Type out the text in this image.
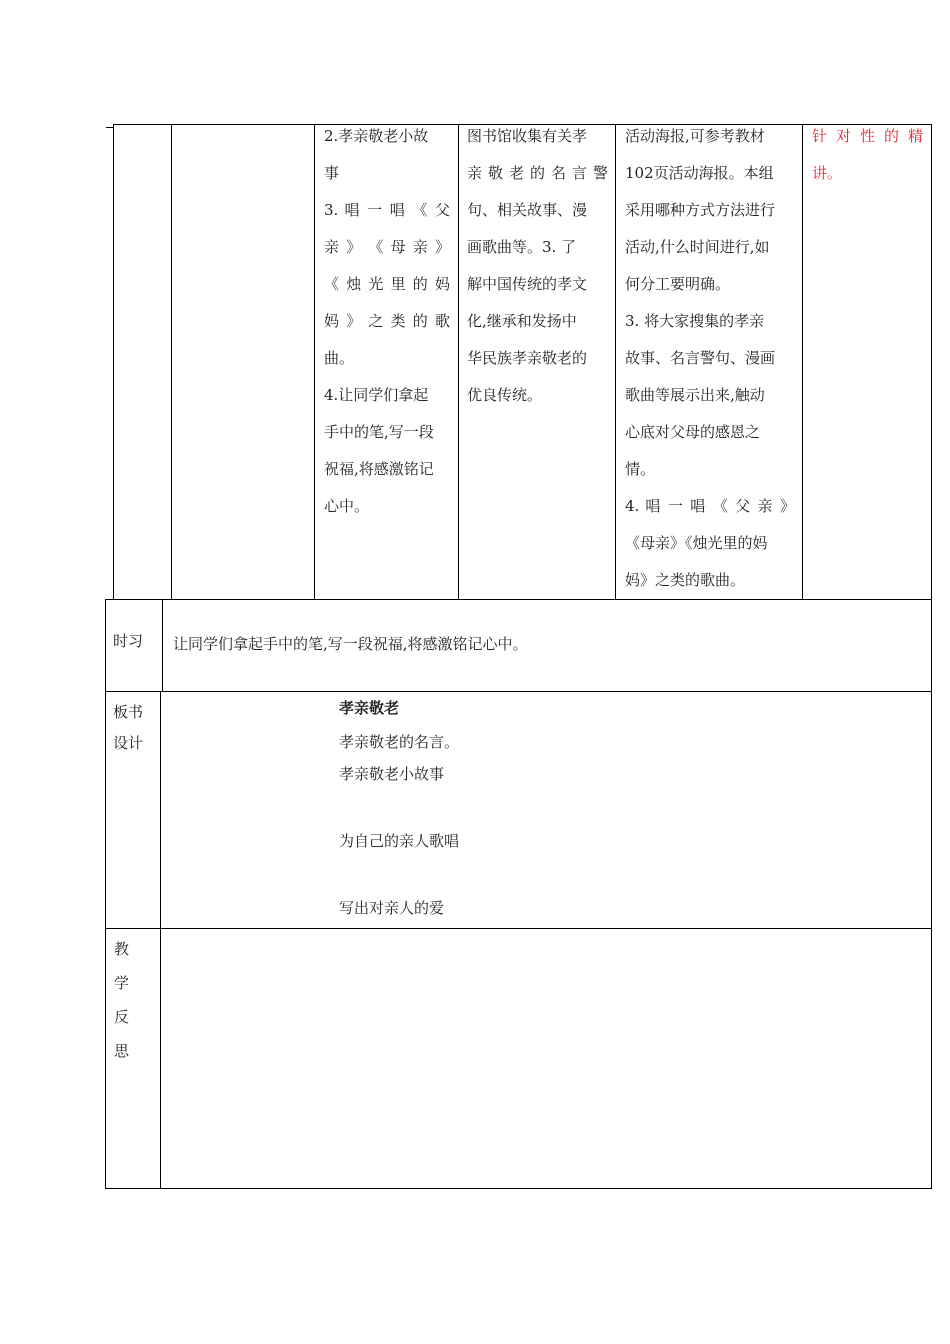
2.孝亲敬老小故

事

3. 唱 一 唱 《 父

亲 》 《 母 亲 》

《 烛 光 里 的 妈

妈 》 之 类 的 歌

曲。

4.让同学们拿起

手中的笔,写一段

祝福,将感激铭记

心中。

图书馆收集有关孝

亲 敬 老 的 名 言 警

句、相关故事、漫

画歌曲等。3. 了

解中国传统的孝文

化,继承和发扬中

华民族孝亲敬老的

优良传统。

活动海报,可参考教材

102页活动海报。本组

采用哪种方式方法进行

活动,什么时间进行,如

何分工要明确。

3. 将大家搜集的孝亲

故事、名言警句、漫画

歌曲等展示出来,触动

心底对父母的感恩之

情。

4. 唱 一 唱 《 父 亲 》

《母亲》《烛光里的妈

妈》之类的歌曲。

针 对 性 的 精

讲。

时习 让同学们拿起手中的笔,写一段祝福,将感激铭记心中。
板书
设计

孝亲敬老

孝亲敬老的名言。

孝亲敬老小故事

为自己的亲人歌唱

写出对亲人的爱

教
学
反
思
